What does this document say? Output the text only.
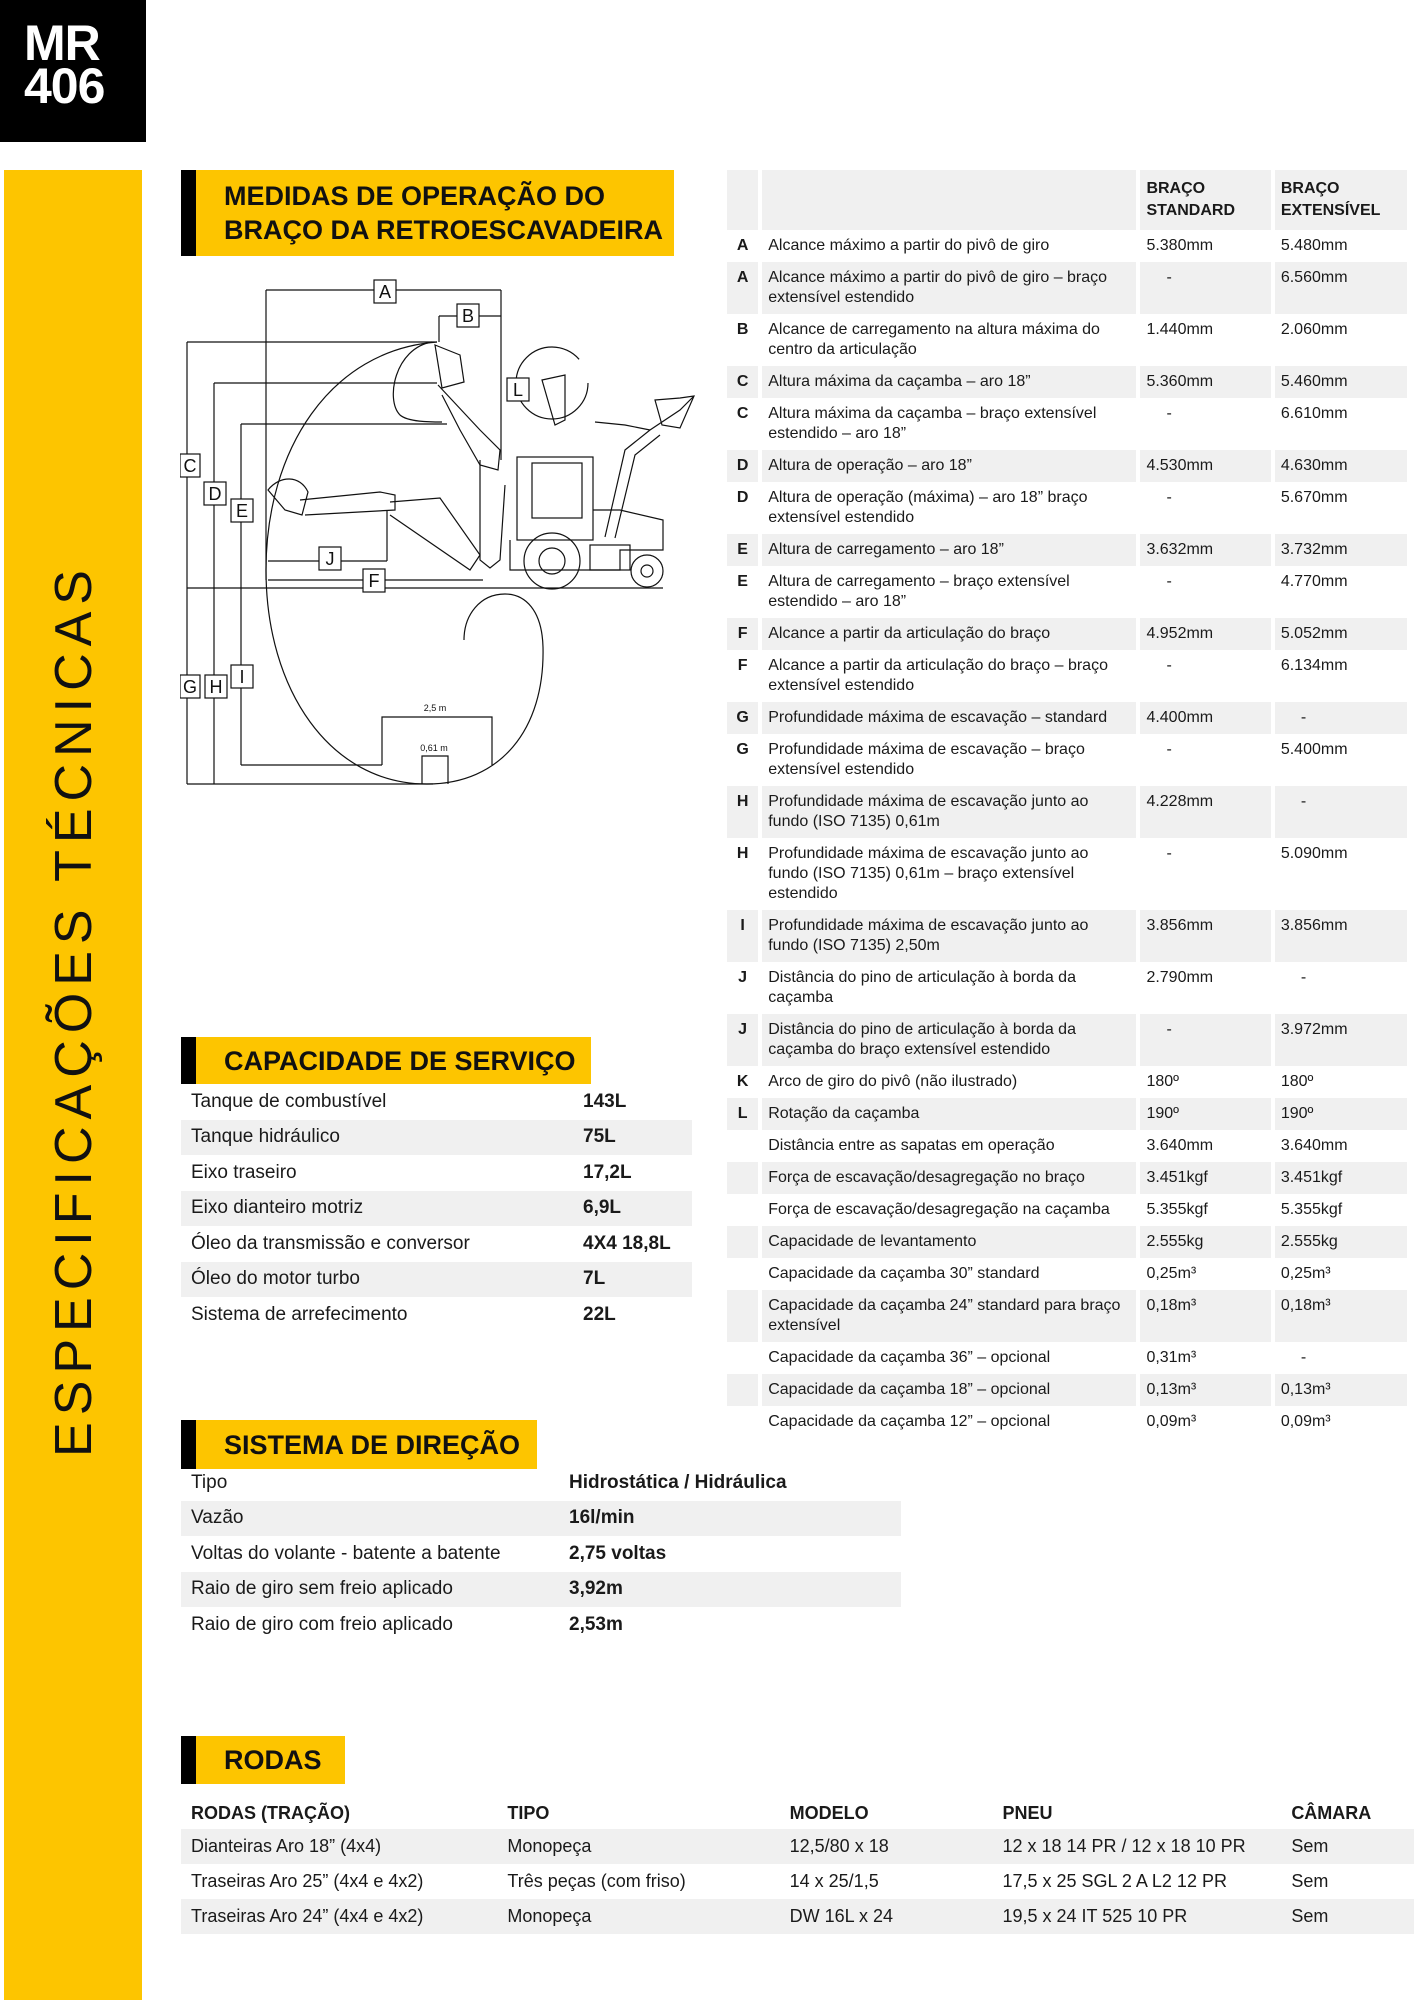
MR
406
ESPECIFICAÇÕES TÉCNICAS
MEDIDAS DE OPERAÇÃO DO
BRAÇO DA RETROESCAVADEIRA
A
B
C
D
E
F
G H I
J
L
2,5 m
0,61 m
		BRAÇO STANDARD	BRAÇO EXTENSÍVEL
A	Alcance máximo a partir do pivô de giro	5.380mm	5.480mm
A	Alcance máximo a partir do pivô de giro – braço extensível estendido	-	6.560mm
B	Alcance de carregamento na altura máxima do centro da articulação	1.440mm	2.060mm
C	Altura máxima da caçamba – aro 18”	5.360mm	5.460mm
C	Altura máxima da caçamba – braço extensível estendido – aro 18”	-	6.610mm
D	Altura de operação – aro 18”	4.530mm	4.630mm
D	Altura de operação (máxima) – aro 18” braço extensível estendido	-	5.670mm
E	Altura de carregamento – aro 18”	3.632mm	3.732mm
E	Altura de carregamento – braço extensível estendido – aro 18”	-	4.770mm
F	Alcance a partir da articulação do braço	4.952mm	5.052mm
F	Alcance a partir da articulação do braço – braço extensível estendido	-	6.134mm
G	Profundidade máxima de escavação – standard	4.400mm	-
G	Profundidade máxima de escavação – braço extensível estendido	-	5.400mm
H	Profundidade máxima de escavação junto ao fundo (ISO 7135) 0,61m	4.228mm	-
H	Profundidade máxima de escavação junto ao fundo (ISO 7135) 0,61m – braço extensível estendido	-	5.090mm
I	Profundidade máxima de escavação junto ao fundo (ISO 7135) 2,50m	3.856mm	3.856mm
J	Distância do pino de articulação à borda da caçamba	2.790mm	-
J	Distância do pino de articulação à borda da caçamba do braço extensível estendido	-	3.972mm
K	Arco de giro do pivô (não ilustrado)	180º	180º
L	Rotação da caçamba	190º	190º
	Distância entre as sapatas em operação	3.640mm	3.640mm
	Força de escavação/desagregação no braço	3.451kgf	3.451kgf
	Força de escavação/desagregação na caçamba	5.355kgf	5.355kgf
	Capacidade de levantamento	2.555kg	2.555kg
	Capacidade da caçamba 30” standard	0,25m³	0,25m³
	Capacidade da caçamba 24” standard para braço extensível	0,18m³	0,18m³
	Capacidade da caçamba 36” – opcional	0,31m³	-
	Capacidade da caçamba 18” – opcional	0,13m³	0,13m³
	Capacidade da caçamba 12” – opcional	0,09m³	0,09m³
CAPACIDADE DE SERVIÇO
Tanque de combustível	143L
Tanque hidráulico	75L
Eixo traseiro	17,2L
Eixo dianteiro motriz	6,9L
Óleo da transmissão e conversor	4X4 18,8L
Óleo do motor turbo	7L
Sistema de arrefecimento	22L
SISTEMA DE DIREÇÃO
Tipo	Hidrostática / Hidráulica
Vazão	16l/min
Voltas do volante - batente a batente	2,75 voltas
Raio de giro sem freio aplicado	3,92m
Raio de giro com freio aplicado	2,53m
RODAS
RODAS (TRAÇÃO)	TIPO	MODELO	PNEU	CÂMARA
Dianteiras Aro 18” (4x4)	Monopeça	12,5/80 x 18	12 x 18 14 PR / 12 x 18 10 PR	Sem
Traseiras Aro 25” (4x4 e 4x2)	Três peças (com friso)	14 x 25/1,5	17,5 x 25 SGL 2 A L2 12 PR	Sem
Traseiras Aro 24” (4x4 e 4x2)	Monopeça	DW 16L x 24	19,5 x 24 IT 525 10 PR	Sem
